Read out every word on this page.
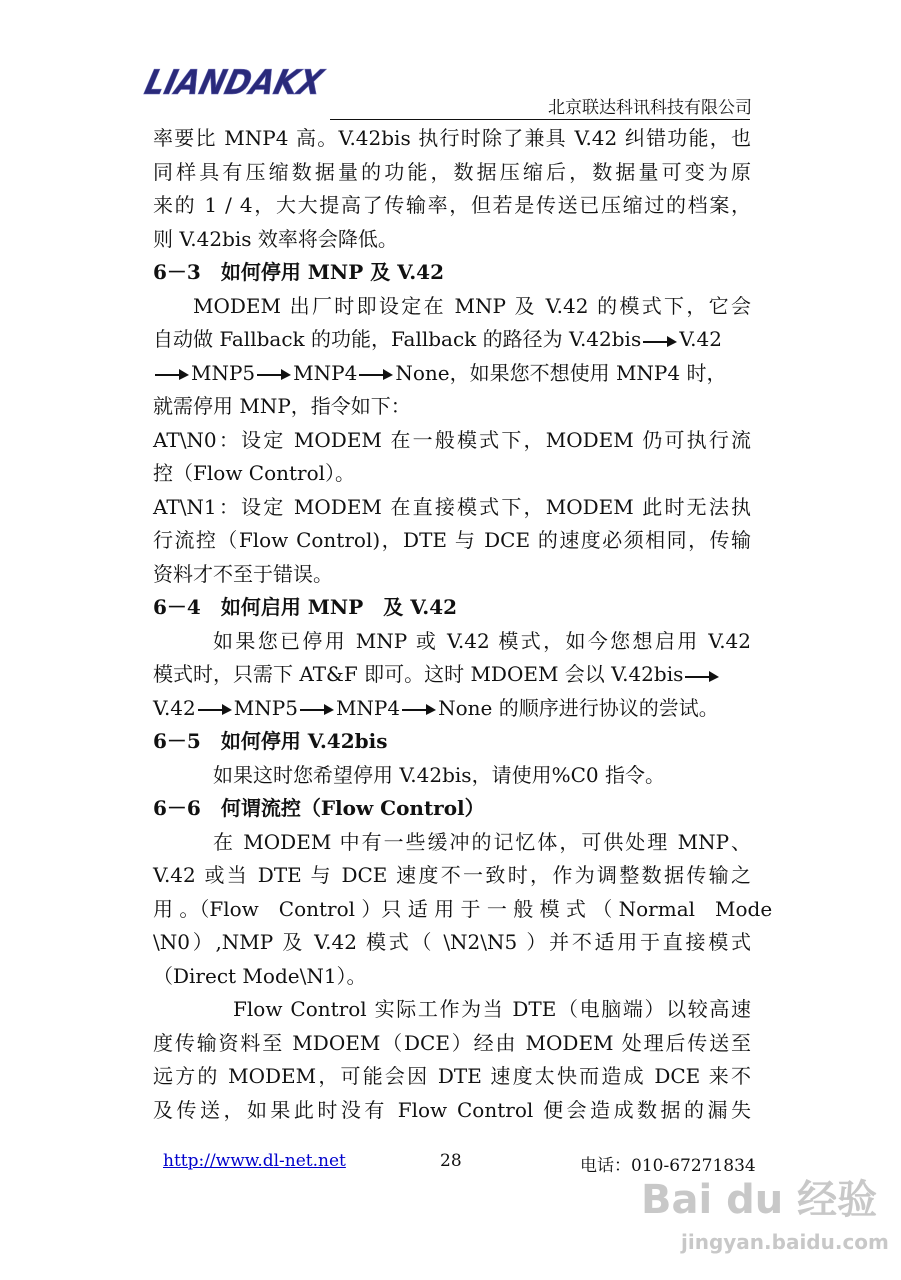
LIANDAKX
北京联达科讯科技有限公司
率要比 MNP4 高。V.42bis 执行时除了兼具 V.42 纠错功能，也
同样具有压缩数据量的功能，数据压缩后，数据量可变为原
来的 1 / 4，大大提高了传输率，但若是传送已压缩过的档案，
则 V.42bis 效率将会降低。
6－3　如何停用 MNP 及 V.42
MODEM 出厂时即设定在 MNP 及 V.42 的模式下，它会
自动做 Fallback 的功能，Fallback 的路径为 V.42bis V.42
MNP5 MNP4 None，如果您不想使用 MNP4 时，
就需停用 MNP，指令如下：
AT\N0：设定 MODEM 在一般模式下，MODEM 仍可执行流
控（Flow Control）。
AT\N1：设定 MODEM 在直接模式下，MODEM 此时无法执
行流控（Flow Control)，DTE 与 DCE 的速度必须相同，传输
资料才不至于错误。
6－4　如何启用 MNP　及 V.42
如果您已停用 MNP 或 V.42 模式，如今您想启用 V.42
模式时，只需下 AT&F 即可。这时 MDOEM 会以 V.42bis
V.42 MNP5 MNP4 None 的顺序进行协议的尝试。
6－5　如何停用 V.42bis
如果这时您希望停用 V.42bis，请使用%C0 指令。
6－6　何谓流控（Flow Control）
在 MODEM 中有一些缓冲的记忆体，可供处理 MNP、
V.42 或当 DTE 与 DCE 速度不一致时，作为调整数据传输之
用 。（Flow　Control ）只 适 用 于 一 般 模 式 （ Normal　Mode
\N0）,NMP 及 V.42 模式（ \N2\N5 ）并不适用于直接模式
（Direct Mode\N1）。
Flow Control 实际工作为当 DTE（电脑端）以较高速
度传输资料至 MDOEM（DCE）经由 MODEM 处理后传送至
远方的 MODEM，可能会因 DTE 速度太快而造成 DCE 来不
及传送，如果此时没有 Flow Control 便会造成数据的漏失
http://www.dl-net.net	28	电话：010-67271834
Bai du 经验
jingyan.baidu.com
